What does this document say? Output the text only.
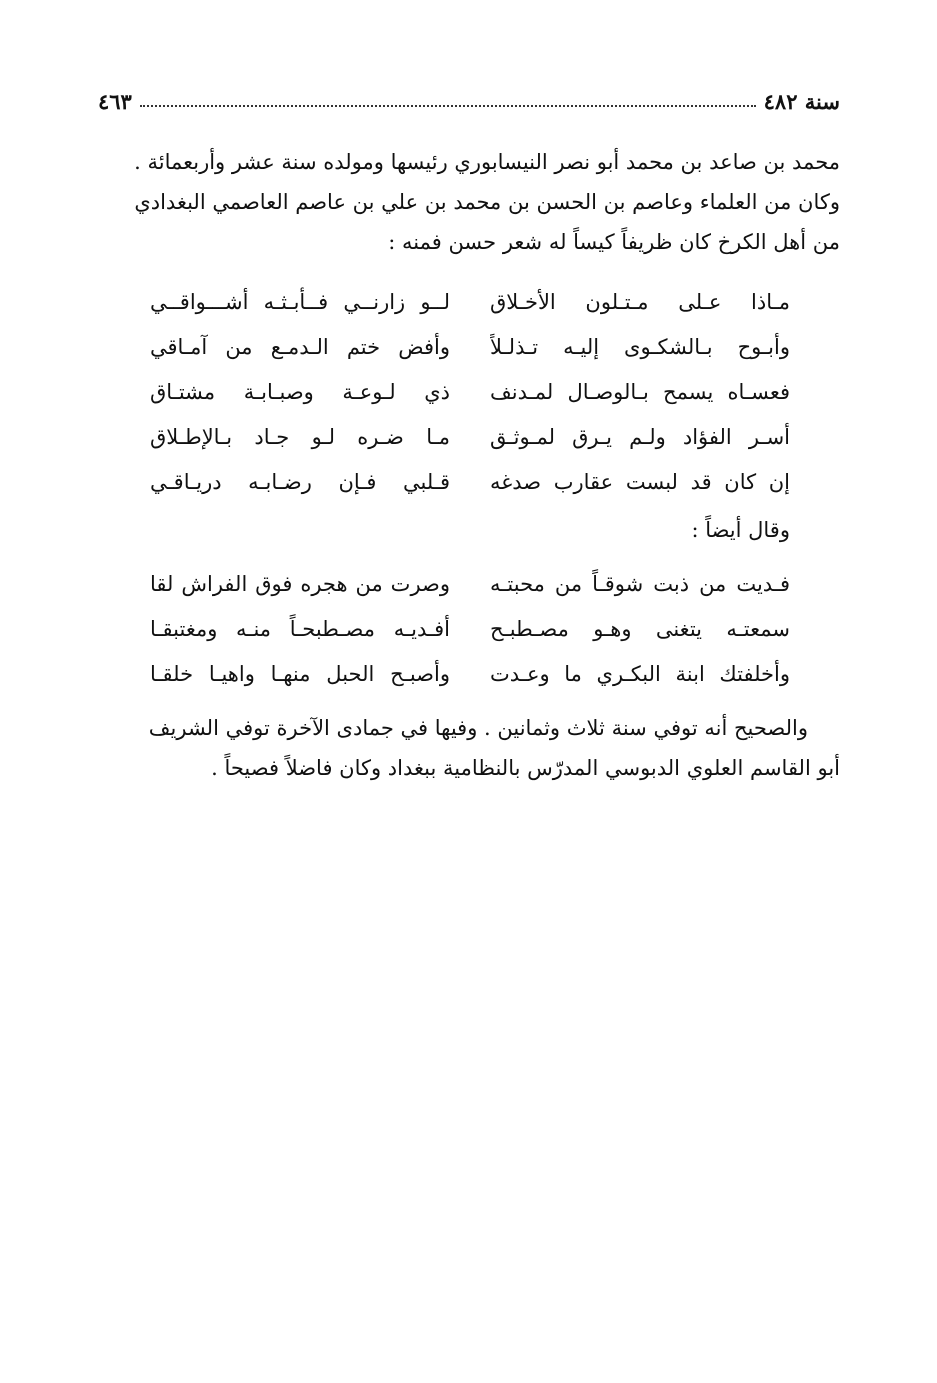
سنة ٤٨٢
٤٦٣
محمد بن صاعد بن محمد أبو نصر النيسابوري رئيسها ومولده سنة عشر وأربعمائة .
وكان من العلماء وعاصم بن الحسن بن محمد بن علي بن عاصم العاصمي البغدادي
من أهل الكرخ كان ظريفاً كيساً له شعر حسن فمنه :
مـاذا عـلى مـتـلون الأخـلاق
لــو زارنــي فــأبـثـه أشـــواقــي
وأبـوح بـالشكـوى إليـه تـذلـلاً
وأفض ختم الـدمـع من آمـاقي
فعسـاه يسمح بـالوصـال لمـدنف
ذي لـوعـة وصبـابـة مشتـاق
أسـر الفؤاد ولـم يـرق لمـوثـق
مـا ضـره لـو جـاد بـالإطـلاق
إن كان قد لبست عقارب صدغه
قـلبي فـإن رضـابـه دريـاقـي
وقال أيضاً :
فـديت من ذبت شوقـاً من محبتـه
وصرت من هجره فوق الفراش لقا
سمعتـه يتغنى وهـو مصـطبـح
أفـديـه مصـطبحـاً منـه ومغتبقـا
وأخلفتك ابنة البكـري ما وعـدت
وأصبـح الحبل منهـا واهيـا خلقـا
والصحيح أنه توفي سنة ثلاث وثمانين . وفيها في جمادى الآخرة توفي الشريف
أبو القاسم العلوي الدبوسي المدرّس بالنظامية ببغداد وكان فاضلاً فصيحاً .
